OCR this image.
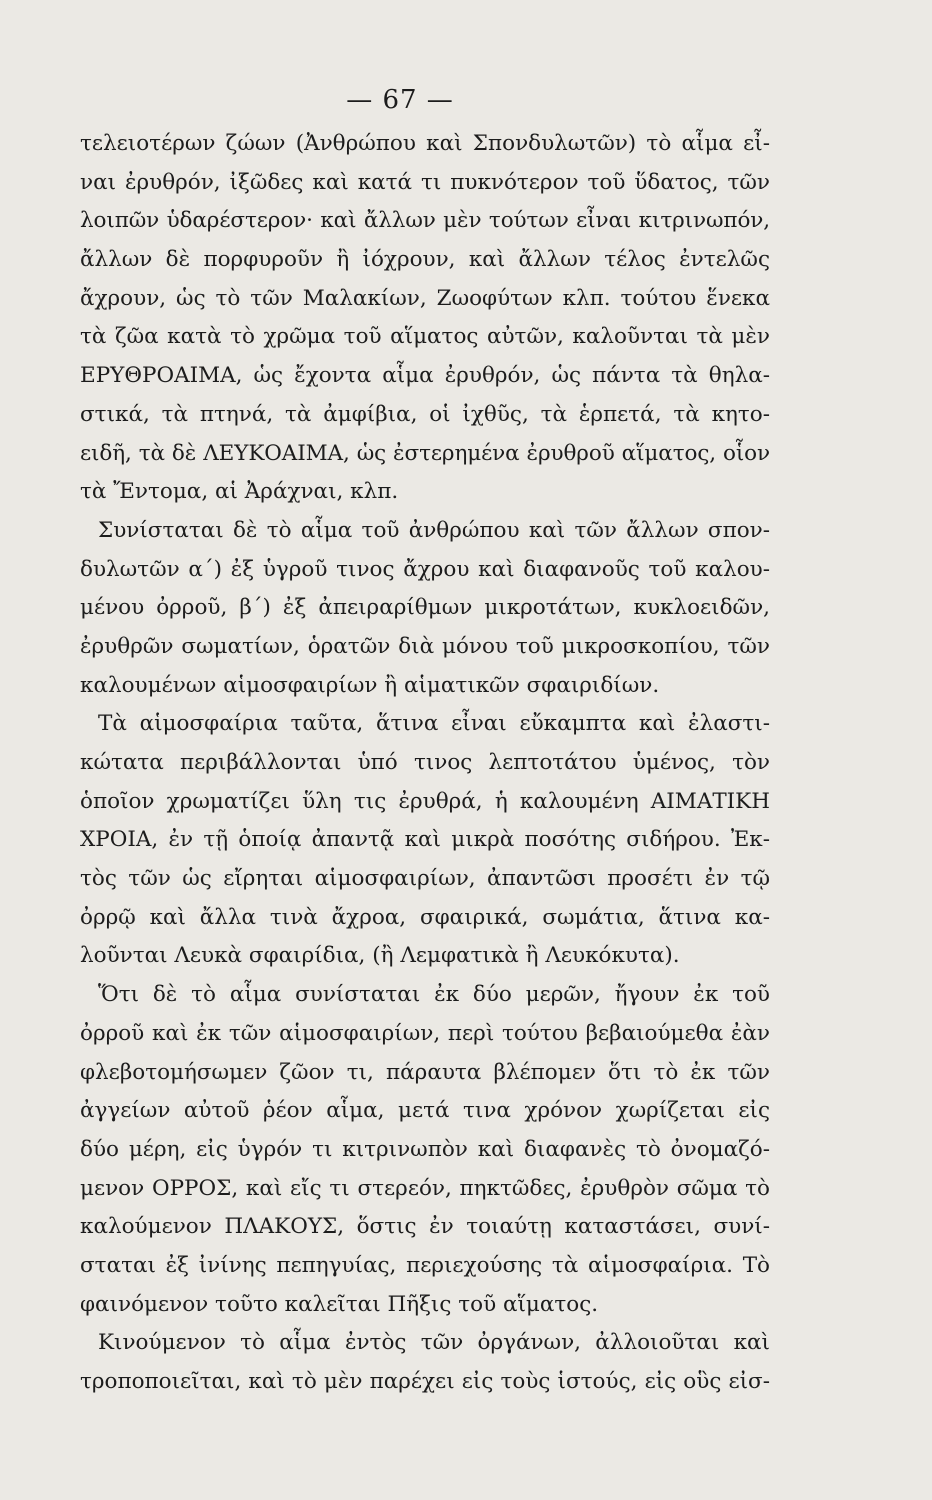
— 67 —
τελειοτέρων ζώων (Ἀνθρώπου καὶ Σπονδυλωτῶν) τὸ αἷμα εἶ-
ναι ἐρυθρόν, ἰξῶδες καὶ κατά τι πυκνότερον τοῦ ὕδατος, τῶν
λοιπῶν ὑδαρέστερον· καὶ ἄλλων μὲν τούτων εἶναι κιτρινωπόν,
ἄλλων δὲ πορφυροῦν ἢ ἰόχρουν, καὶ ἄλλων τέλος ἐντελῶς
ἄχρουν, ὡς τὸ τῶν Μαλακίων, Ζωοφύτων κλπ. τούτου ἕνεκα
τὰ ζῶα κατὰ τὸ χρῶμα τοῦ αἵματος αὐτῶν, καλοῦνται τὰ μὲν
ΕΡΥΘΡΟΑΙΜΑ, ὡς ἔχοντα αἷμα ἐρυθρόν, ὡς πάντα τὰ θηλα-
στικά, τὰ πτηνά, τὰ ἀμφίβια, οἱ ἰχθῦς, τὰ ἑρπετά, τὰ κητο-
ειδῆ, τὰ δὲ ΛΕΥΚΟΑΙΜΑ, ὡς ἐστερημένα ἐρυθροῦ αἵματος, οἷον
τὰ Ἔντομα, αἱ Ἀράχναι, κλπ.
Συνίσταται δὲ τὸ αἷμα τοῦ ἀνθρώπου καὶ τῶν ἄλλων σπον-
δυλωτῶν α΄) ἐξ ὑγροῦ τινος ἄχρου καὶ διαφανοῦς τοῦ καλου-
μένου ὀρροῦ, β΄) ἐξ ἀπειραρίθμων μικροτάτων, κυκλοειδῶν,
ἐρυθρῶν σωματίων, ὁρατῶν διὰ μόνου τοῦ μικροσκοπίου, τῶν
καλουμένων αἱμοσφαιρίων ἢ αἱματικῶν σφαιριδίων.
Τὰ αἱμοσφαίρια ταῦτα, ἅτινα εἶναι εὔκαμπτα καὶ ἐλαστι-
κώτατα περιβάλλονται ὑπό τινος λεπτοτάτου ὑμένος, τὸν
ὁποῖον χρωματίζει ὕλη τις ἐρυθρά, ἡ καλουμένη ΑΙΜΑΤΙΚΗ
ΧΡΟΙΑ, ἐν τῇ ὁποίᾳ ἀπαντᾷ καὶ μικρὰ ποσότης σιδήρου. Ἐκ-
τὸς τῶν ὡς εἴρηται αἱμοσφαιρίων, ἀπαντῶσι προσέτι ἐν τῷ
ὀρρῷ καὶ ἄλλα τινὰ ἄχροα, σφαιρικά, σωμάτια, ἅτινα κα-
λοῦνται Λευκὰ σφαιρίδια, (ἢ Λεμφατικὰ ἢ Λευκόκυτα).
Ὅτι δὲ τὸ αἷμα συνίσταται ἐκ δύο μερῶν, ἤγουν ἐκ τοῦ
ὀρροῦ καὶ ἐκ τῶν αἱμοσφαιρίων, περὶ τούτου βεβαιούμεθα ἐὰν
φλεβοτομήσωμεν ζῶον τι, πάραυτα βλέπομεν ὅτι τὸ ἐκ τῶν
ἀγγείων αὐτοῦ ῥέον αἷμα, μετά τινα χρόνον χωρίζεται εἰς
δύο μέρη, εἰς ὑγρόν τι κιτρινωπὸν καὶ διαφανὲς τὸ ὀνομαζό-
μενον ΟΡΡΟΣ, καὶ εἴς τι στερεόν, πηκτῶδες, ἐρυθρὸν σῶμα τὸ
καλούμενον ΠΛΑΚΟΥΣ, ὅστις ἐν τοιαύτῃ καταστάσει, συνί-
σταται ἐξ ἰνίνης πεπηγυίας, περιεχούσης τὰ αἱμοσφαίρια. Τὸ
φαινόμενον τοῦτο καλεῖται Πῆξις τοῦ αἵματος.
Κινούμενον τὸ αἷμα ἐντὸς τῶν ὀργάνων, ἀλλοιοῦται καὶ
τροποποιεῖται, καὶ τὸ μὲν παρέχει εἰς τοὺς ἱστούς, εἰς οὓς εἰσ-
